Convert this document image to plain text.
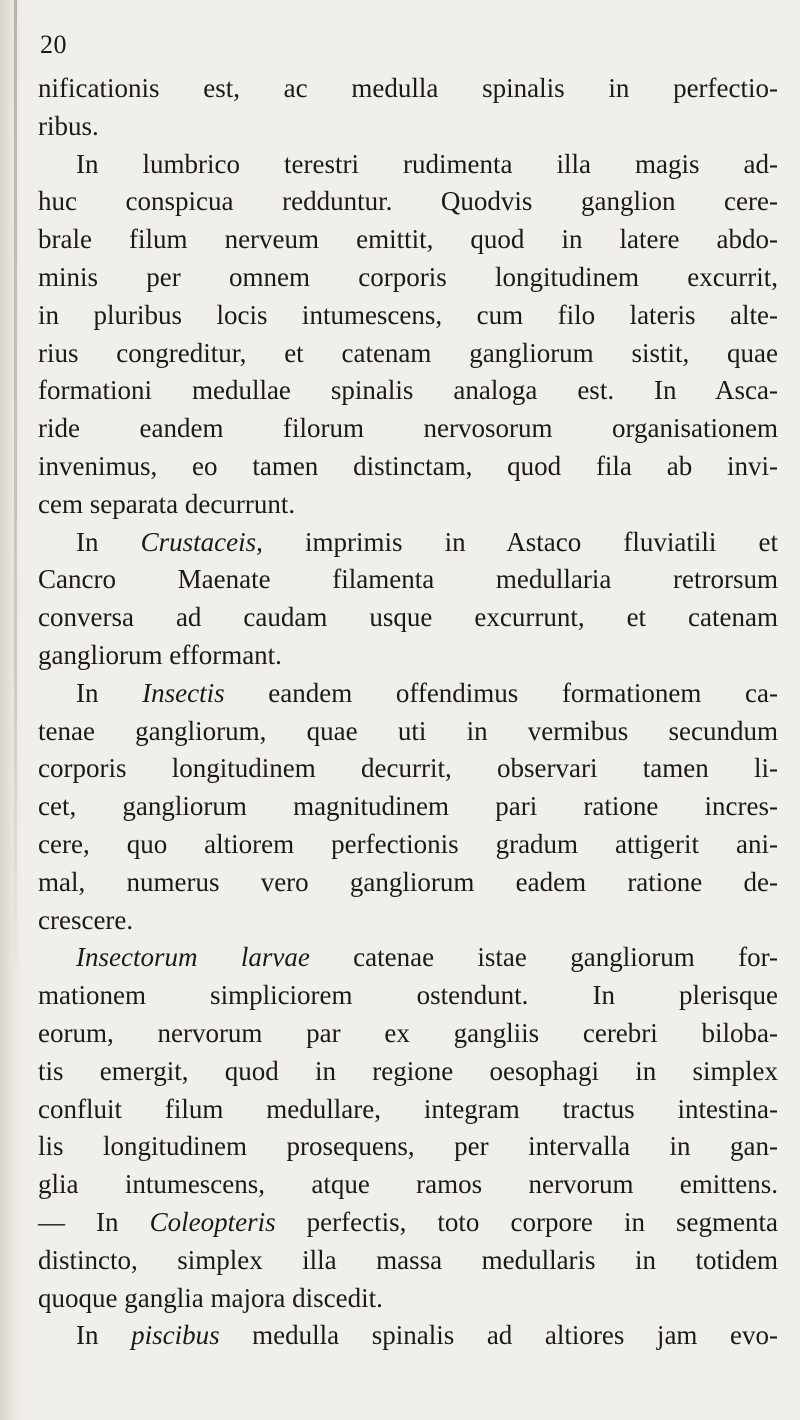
20
nificationis est, ac medulla spinalis in perfectio-
ribus.
In lumbrico terestri rudimenta illa magis ad-
huc conspicua redduntur. Quodvis ganglion cere-
brale filum nerveum emittit, quod in latere abdo-
minis per omnem corporis longitudinem excurrit,
in pluribus locis intumescens, cum filo lateris alte-
rius congreditur, et catenam gangliorum sistit, quae
formationi medullae spinalis analoga est. In Asca-
ride eandem filorum nervosorum organisationem
invenimus, eo tamen distinctam, quod fila ab invi-
cem separata decurrunt.
In Crustaceis, imprimis in Astaco fluviatili et
Cancro Maenate filamenta medullaria retrorsum
conversa ad caudam usque excurrunt, et catenam
gangliorum efformant.
In Insectis eandem offendimus formationem ca-
tenae gangliorum, quae uti in vermibus secundum
corporis longitudinem decurrit, observari tamen li-
cet, gangliorum magnitudinem pari ratione incres-
cere, quo altiorem perfectionis gradum attigerit ani-
mal, numerus vero gangliorum eadem ratione de-
crescere.
Insectorum larvae catenae istae gangliorum for-
mationem simpliciorem ostendunt. In plerisque
eorum, nervorum par ex gangliis cerebri biloba-
tis emergit, quod in regione oesophagi in simplex
confluit filum medullare, integram tractus intestina-
lis longitudinem prosequens, per intervalla in gan-
glia intumescens, atque ramos nervorum emittens.
— In Coleopteris perfectis, toto corpore in segmenta
distincto, simplex illa massa medullaris in totidem
quoque ganglia majora discedit.
In piscibus medulla spinalis ad altiores jam evo-
